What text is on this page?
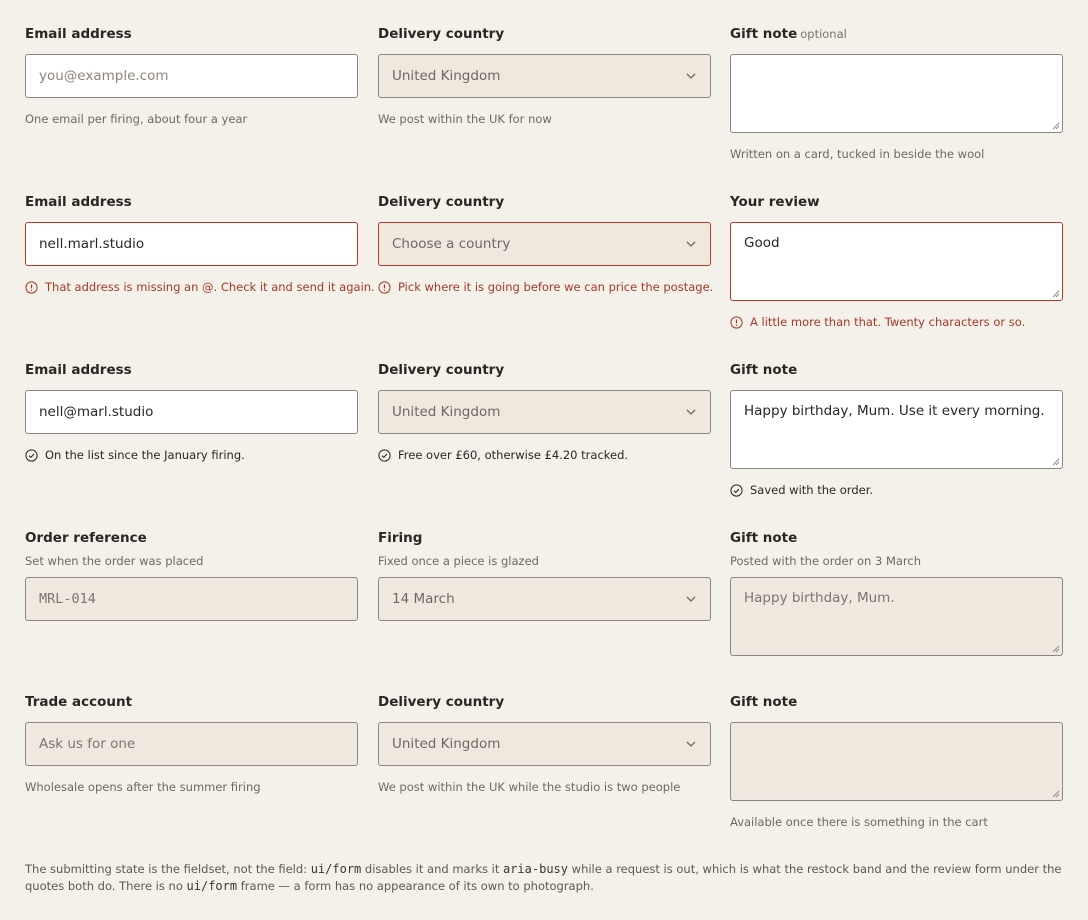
Email address
you@example.com
One email per firing, about four a year
Delivery country
United Kingdom
We post within the UK for now
Gift note optional
Written on a card, tucked in beside the wool
Email address
nell.marl.studio
That address is missing an @. Check it and send it again.
Delivery country
Choose a country
Pick where it is going before we can price the postage.
Your review
Good
A little more than that. Twenty characters or so.
Email address
nell@marl.studio
On the list since the January firing.
Delivery country
United Kingdom
Free over £60, otherwise £4.20 tracked.
Gift note
Happy birthday, Mum. Use it every morning.
Saved with the order.
Order reference
Set when the order was placed
MRL-014
Firing
Fixed once a piece is glazed
14 March
Gift note
Posted with the order on 3 March
Happy birthday, Mum.
Trade account
Ask us for one
Wholesale opens after the summer firing
Delivery country
United Kingdom
We post within the UK while the studio is two people
Gift note
Available once there is something in the cart
The submitting state is the fieldset, not the field: ui/form disables it and marks it aria-busy while a request is out, which is what the restock band and the review form under the quotes both do. There is no ui/form frame — a form has no appearance of its own to photograph.
